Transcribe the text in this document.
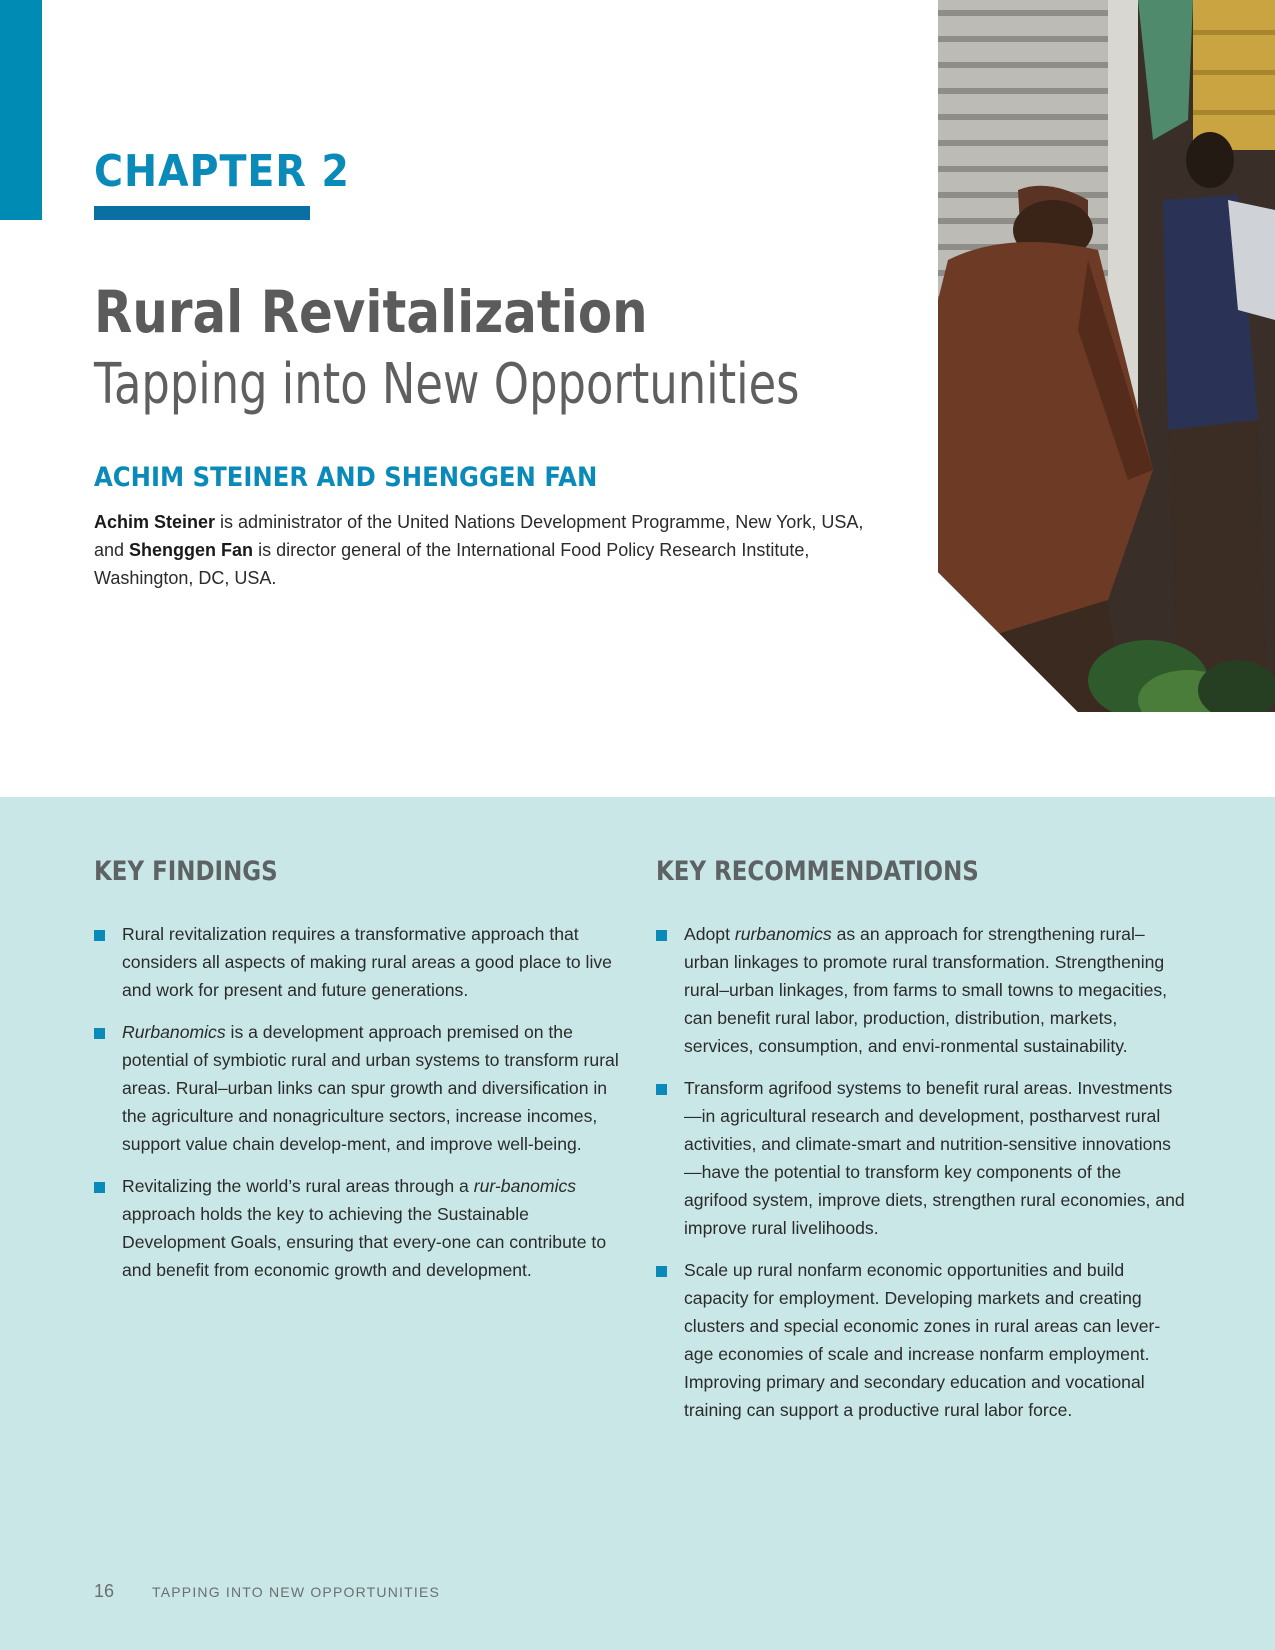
CHAPTER 2
Rural Revitalization
Tapping into New Opportunities
ACHIM STEINER AND SHENGGEN FAN

Achim Steiner is administrator of the United Nations Development Programme, New York, USA, and Shenggen Fan is director general of the International Food Policy Research Institute, Washington, DC, USA.

KEY FINDINGS
Rural revitalization requires a transformative approach that considers all aspects of making rural areas a good place to live and work for present and future generations.
Rurbanomics is a development approach premised on the potential of symbiotic rural and urban systems to transform rural areas. Rural–urban links can spur growth and diversification in the agriculture and nonagriculture sectors, increase incomes, support value chain develop-ment, and improve well-being.
Revitalizing the world’s rural areas through a rur-banomics approach holds the key to achieving the Sustainable Development Goals, ensuring that every-one can contribute to and benefit from economic growth and development.
KEY RECOMMENDATIONS
Adopt rurbanomics as an approach for strengthening rural–urban linkages to promote rural transformation. Strengthening rural–urban linkages, from farms to small towns to megacities, can benefit rural labor, production, distribution, markets, services, consumption, and envi-ronmental sustainability.
Transform agrifood systems to benefit rural areas. Investments—in agricultural research and development, postharvest rural activities, and climate-smart and nutrition-sensitive innovations—have the potential to transform key components of the agrifood system, improve diets, strengthen rural economies, and improve rural livelihoods.
Scale up rural nonfarm economic opportunities and build capacity for employment. Developing markets and creating clusters and special economic zones in rural areas can lever-age economies of scale and increase nonfarm employment. Improving primary and secondary education and vocational training can support a productive rural labor force.
16	TAPPING INTO NEW OPPORTUNITIES
